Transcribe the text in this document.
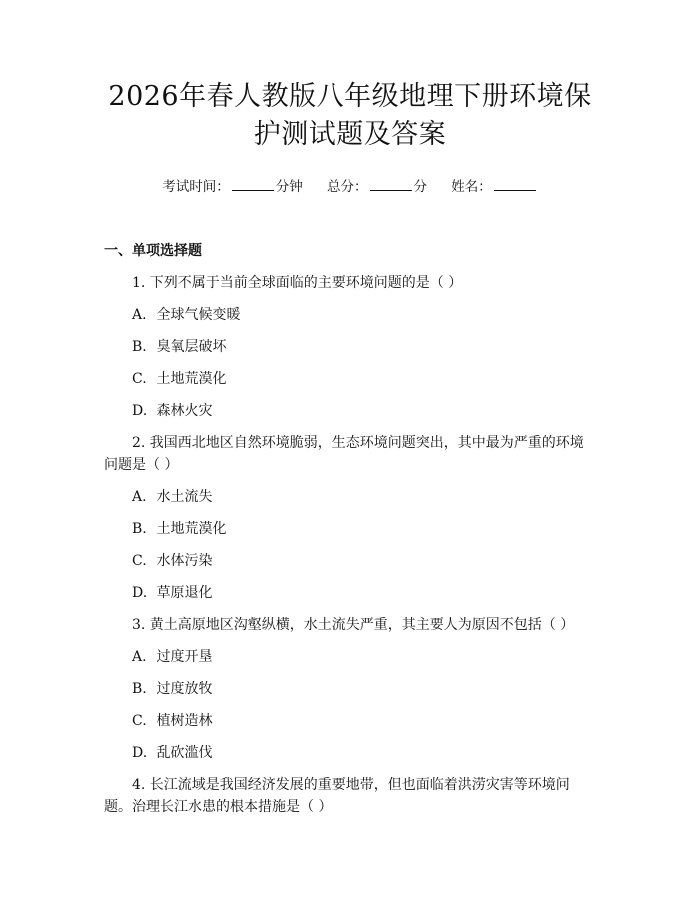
2026年春人教版八年级地理下册环境保护测试题及答案
考试时间：	分钟 总分：	分 姓名：
一、单项选择题
1. 下列不属于当前全球面临的主要环境问题的是（ ）
A. 全球气候变暖
B. 臭氧层破坏
C. 土地荒漠化
D. 森林火灾
2. 我国西北地区自然环境脆弱，生态环境问题突出，其中最为严重的环境问题是（ ）
A. 水土流失
B. 土地荒漠化
C. 水体污染
D. 草原退化
3. 黄土高原地区沟壑纵横，水土流失严重，其主要人为原因不包括（ ）
A. 过度开垦
B. 过度放牧
C. 植树造林
D. 乱砍滥伐
4. 长江流域是我国经济发展的重要地带，但也面临着洪涝灾害等环境问题。治理长江水患的根本措施是（ ）
